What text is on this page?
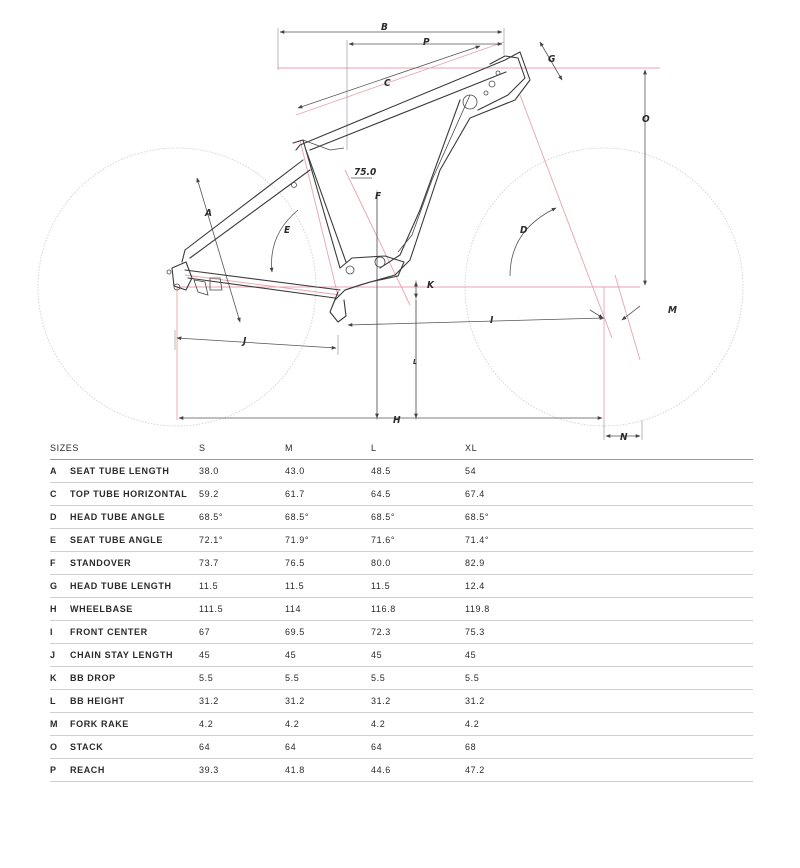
B
P
G
C
O
75.0
F
A
E	D
K
M
I
J
L
H
N
SIZES		S	M	L	XL
A	SEAT TUBE LENGTH	38.0	43.0	48.5	54
C	TOP TUBE HORIZONTAL	59.2	61.7	64.5	67.4
D	HEAD TUBE ANGLE	68.5°	68.5°	68.5°	68.5°
E	SEAT TUBE ANGLE	72.1°	71.9°	71.6°	71.4°
F	STANDOVER	73.7	76.5	80.0	82.9
G	HEAD TUBE LENGTH	11.5	11.5	11.5	12.4
H	WHEELBASE	111.5	114	116.8	119.8
I	FRONT CENTER	67	69.5	72.3	75.3
J	CHAIN STAY LENGTH	45	45	45	45
K	BB DROP	5.5	5.5	5.5	5.5
L	BB HEIGHT	31.2	31.2	31.2	31.2
M	FORK RAKE	4.2	4.2	4.2	4.2
O	STACK	64	64	64	68
P	REACH	39.3	41.8	44.6	47.2
